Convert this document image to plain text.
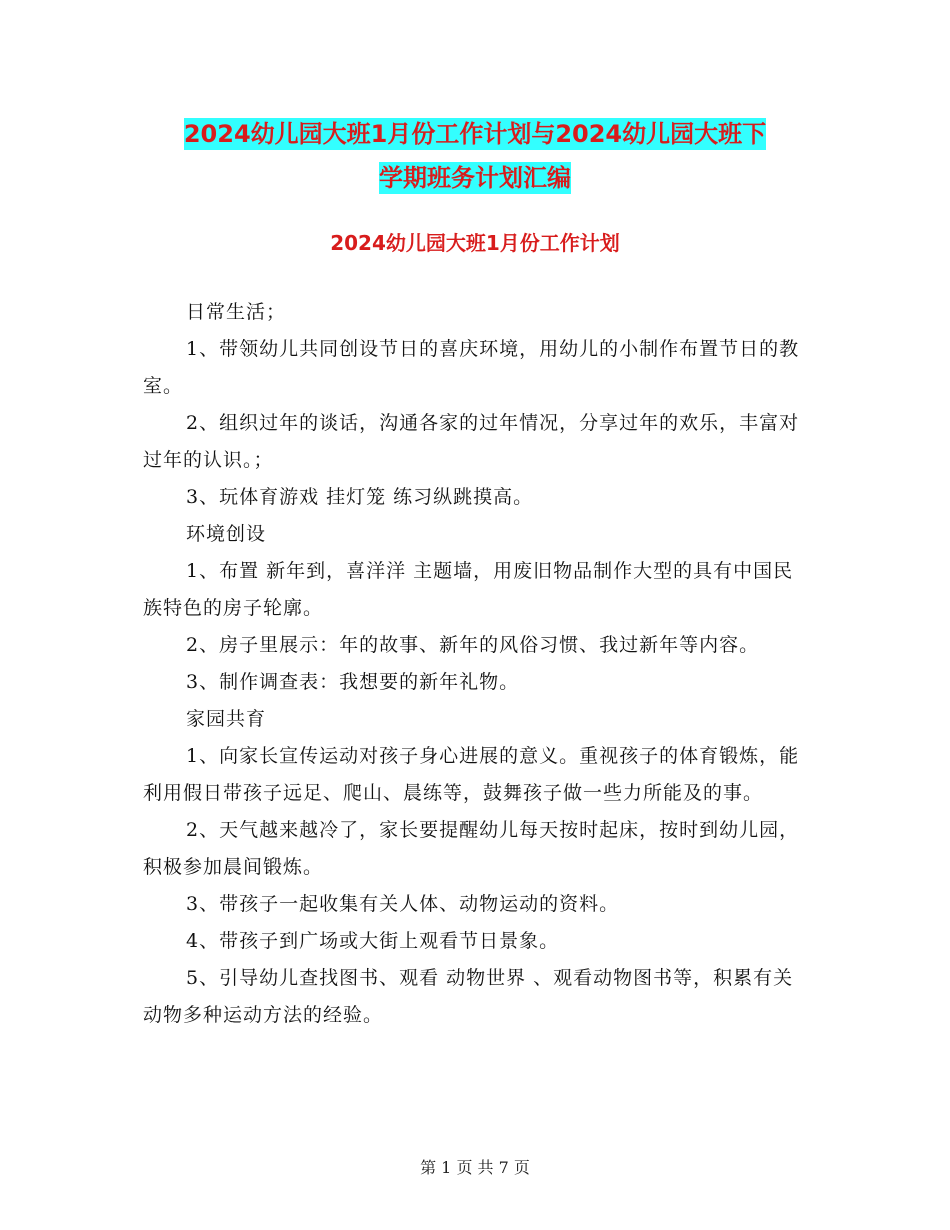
2024幼儿园大班1月份工作计划与2024幼儿园大班下
学期班务计划汇编
2024幼儿园大班1月份工作计划

日常生活；

1、带领幼儿共同创设节日的喜庆环境，用幼儿的小制作布置节日的教室。

2、组织过年的谈话，沟通各家的过年情况，分享过年的欢乐，丰富对过年的认识。；

3、玩体育游戏 挂灯笼 练习纵跳摸高。

环境创设

1、布置 新年到，喜洋洋 主题墙，用废旧物品制作大型的具有中国民族特色的房子轮廓。

2、房子里展示：年的故事、新年的风俗习惯、我过新年等内容。

3、制作调查表：我想要的新年礼物。

家园共育

1、向家长宣传运动对孩子身心进展的意义。重视孩子的体育锻炼，能利用假日带孩子远足、爬山、晨练等，鼓舞孩子做一些力所能及的事。

2、天气越来越冷了，家长要提醒幼儿每天按时起床，按时到幼儿园，积极参加晨间锻炼。

3、带孩子一起收集有关人体、动物运动的资料。

4、带孩子到广场或大街上观看节日景象。

5、引导幼儿查找图书、观看 动物世界 、观看动物图书等，积累有关动物多种运动方法的经验。

第 1 页 共 7 页
